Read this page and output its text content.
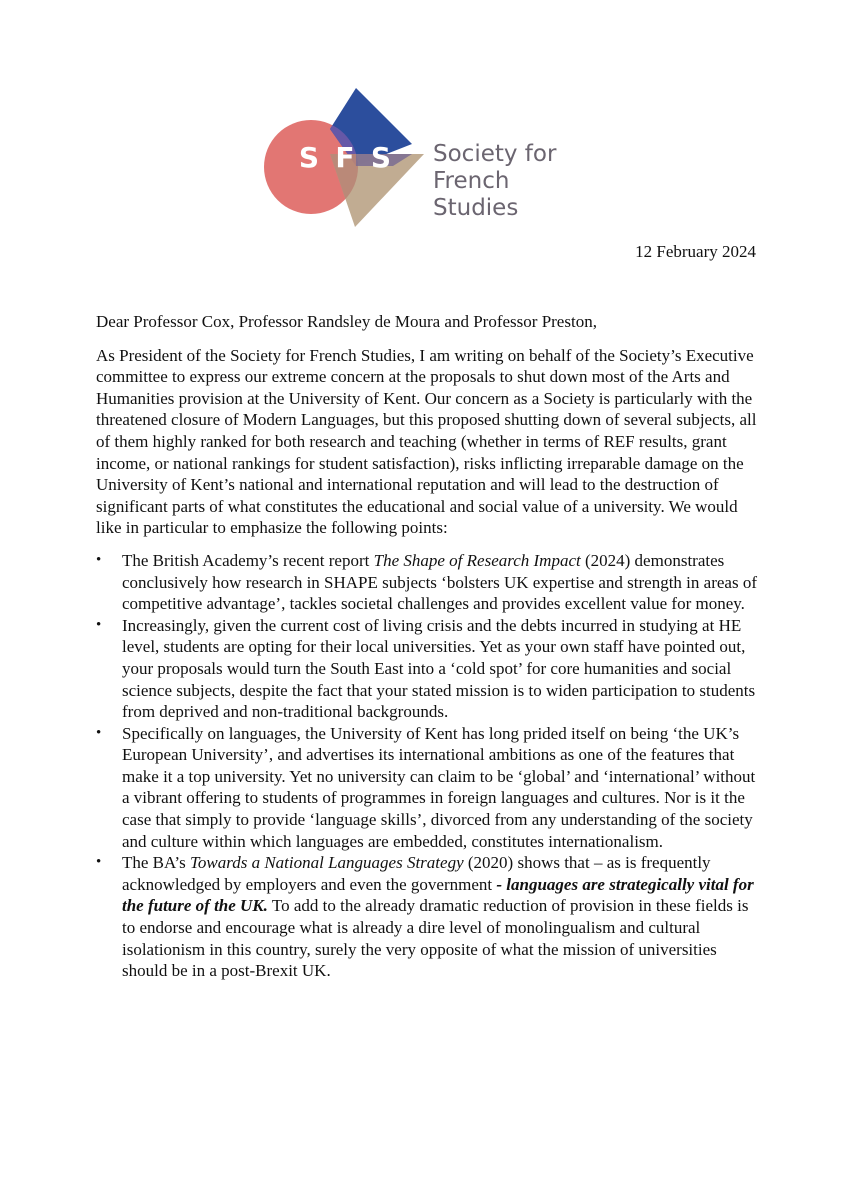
S F S	Society for
French Studies
12 February 2024

Dear Professor Cox, Professor Randsley de Moura and Professor Preston,

As President of the Society for French Studies, I am writing on behalf of the Society’s Executive committee to express our extreme concern at the proposals to shut down most of the Arts and Humanities provision at the University of Kent. Our concern as a Society is particularly with the threatened closure of Modern Languages, but this proposed shutting down of several subjects, all of them highly ranked for both research and teaching (whether in terms of REF results, grant income, or national rankings for student satisfaction), risks inflicting irreparable damage on the University of Kent’s national and international reputation and will lead to the destruction of significant parts of what constitutes the educational and social value of a university. We would like in particular to emphasize the following points:

• The British Academy’s recent report The Shape of Research Impact (2024) demonstrates conclusively how research in SHAPE subjects ‘bolsters UK expertise and strength in areas of competitive advantage’, tackles societal challenges and provides excellent value for money.
• Increasingly, given the current cost of living crisis and the debts incurred in studying at HE level, students are opting for their local universities. Yet as your own staff have pointed out, your proposals would turn the South East into a ‘cold spot’ for core humanities and social science subjects, despite the fact that your stated mission is to widen participation to students from deprived and non-traditional backgrounds.
• Specifically on languages, the University of Kent has long prided itself on being ‘the UK’s European University’, and advertises its international ambitions as one of the features that make it a top university. Yet no university can claim to be ‘global’ and ‘international’ without a vibrant offering to students of programmes in foreign languages and cultures. Nor is it the case that simply to provide ‘language skills’, divorced from any understanding of the society and culture within which languages are embedded, constitutes internationalism.
• The BA’s Towards a National Languages Strategy (2020) shows that – as is frequently acknowledged by employers and even the government - languages are strategically vital for the future of the UK. To add to the already dramatic reduction of provision in these fields is to endorse and encourage what is already a dire level of monolingualism and cultural isolationism in this country, surely the very opposite of what the mission of universities should be in a post-Brexit UK.
